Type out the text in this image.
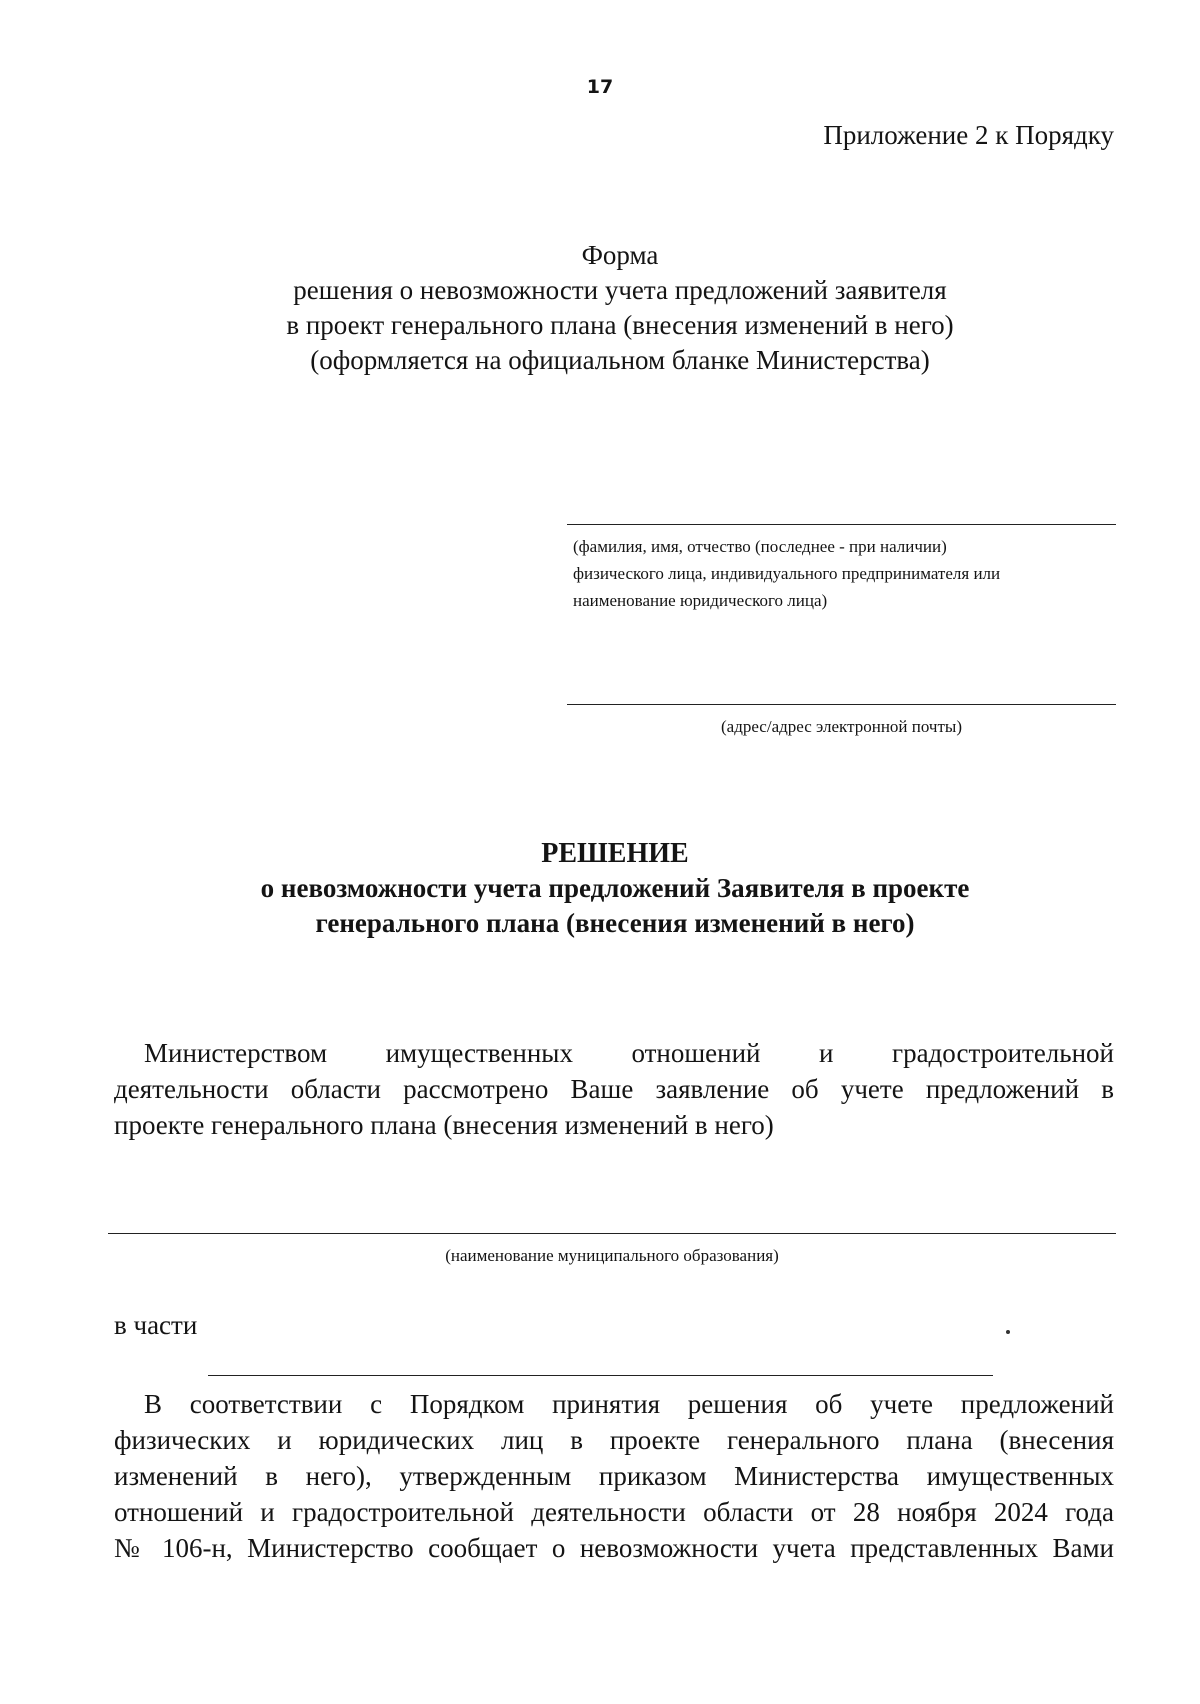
17
Приложение 2 к Порядку
Форма
решения о невозможности учета предложений заявителя
в проект генерального плана (внесения изменений в него)
(оформляется на официальном бланке Министерства)
(фамилия, имя, отчество (последнее - при наличии)
физического лица, индивидуального предпринимателя или
наименование юридического лица)
(адрес/адрес электронной почты)
РЕШЕНИЕ
о невозможности учета предложений Заявителя в проекте
генерального плана (внесения изменений в него)
Министерством имущественных отношений и градостроительной
деятельности области рассмотрено Ваше заявление об учете предложений в
проекте генерального плана (внесения изменений в него)
(наименование муниципального образования)
в части
В соответствии с Порядком принятия решения об учете предложений
физических и юридических лиц в проекте генерального плана (внесения
изменений в него), утвержденным приказом Министерства имущественных
отношений и градостроительной деятельности области от 28 ноября 2024 года
№ 106-н, Министерство сообщает о невозможности учета представленных Вами
